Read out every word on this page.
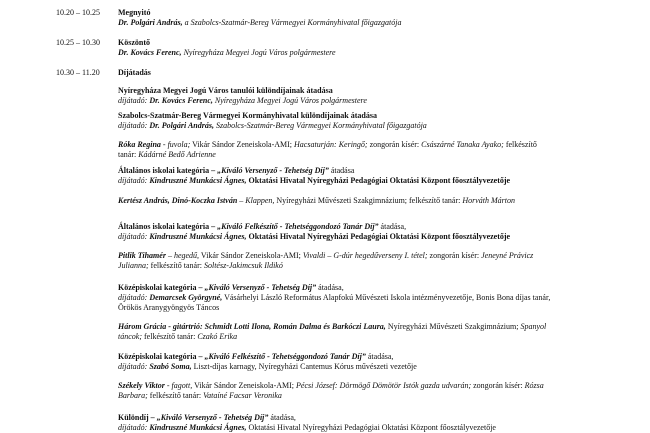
10.20 – 10.25 Megnyitó
Dr. Polgári András, a Szabolcs-Szatmár-Bereg Vármegyei Kormányhivatal főigazgatója
10.25 – 10.30 Köszöntő
Dr. Kovács Ferenc, Nyíregyháza Megyei Jogú Város polgármestere
10.30 – 11.20 Díjátadás
Nyíregyháza Megyei Jogú Város tanulói különdíjainak átadása
díjátadó: Dr. Kovács Ferenc, Nyíregyháza Megyei Jogú Város polgármestere
Szabolcs-Szatmár-Bereg Vármegyei Kormányhivatal különdíjainak átadása
díjátadó: Dr. Polgári András, Szabolcs-Szatmár-Bereg Vármegyei Kormányhivatal főigazgatója
Róka Regina - fuvola; Vikár Sándor Zeneiskola-AMI; Hacsaturján: Keringő; zongorán kísér: Császárné Tanaka Ayako; felkészítő
tanár: Kádárné Bedő Adrienne
Általános iskolai kategória – „Kiváló Versenyző - Tehetség Díj” átadása
díjátadó: Kindruszné Munkácsi Ágnes, Oktatási Hivatal Nyíregyházi Pedagógiai Oktatási Központ főosztályvezetője
Kertész András, Dinó-Koczka István – Klappen, Nyíregyházi Művészeti Szakgimnázium; felkészítő tanár: Horváth Márton
Általános iskolai kategória – „Kiváló Felkészítő - Tehetséggondozó Tanár Díj” átadása,
díjátadó: Kindruszné Munkácsi Ágnes, Oktatási Hivatal Nyíregyházi Pedagógiai Oktatási Központ főosztályvezetője
Pitlik Tihamér – hegedű, Vikár Sándor Zeneiskola-AMI; Vivaldi – G-dúr hegedűverseny I. tétel; zongorán kísér: Jeneyné Právicz
Julianna; felkészítő tanár: Soltész-Jakimcsuk Ildikó
Középiskolai kategória – „Kiváló Versenyző - Tehetség Díj” átadása,
díjátadó: Demarcsek Györgyné, Vásárhelyi László Református Alapfokú Művészeti Iskola intézményvezetője, Bonis Bona díjas tanár,
Örökös Aranygyöngyös Táncos
Három Grácia - gitártrió: Schmidt Lotti Ilona, Román Dalma és Barkóczi Laura, Nyíregyházi Művészeti Szakgimnázium; Spanyol
táncok; felkészítő tanár: Czakó Erika
Középiskolai kategória – „Kiváló Felkészítő - Tehetséggondozó Tanár Díj” átadása,
díjátadó: Szabó Soma, Liszt-díjas karnagy, Nyíregyházi Cantemus Kórus művészeti vezetője
Székely Viktor - fagott, Vikár Sándor Zeneiskola-AMI; Pécsi József: Dörmögő Dömötör Istók gazda udvarán; zongorán kísér: Rózsa
Barbara; felkészítő tanár: Vataíné Facsar Veronika
Különdíj – „Kiváló Versenyző - Tehetség Díj” átadása,
díjátadó: Kindruszné Munkácsi Ágnes, Oktatási Hivatal Nyíregyházi Pedagógiai Oktatási Központ főosztályvezetője
